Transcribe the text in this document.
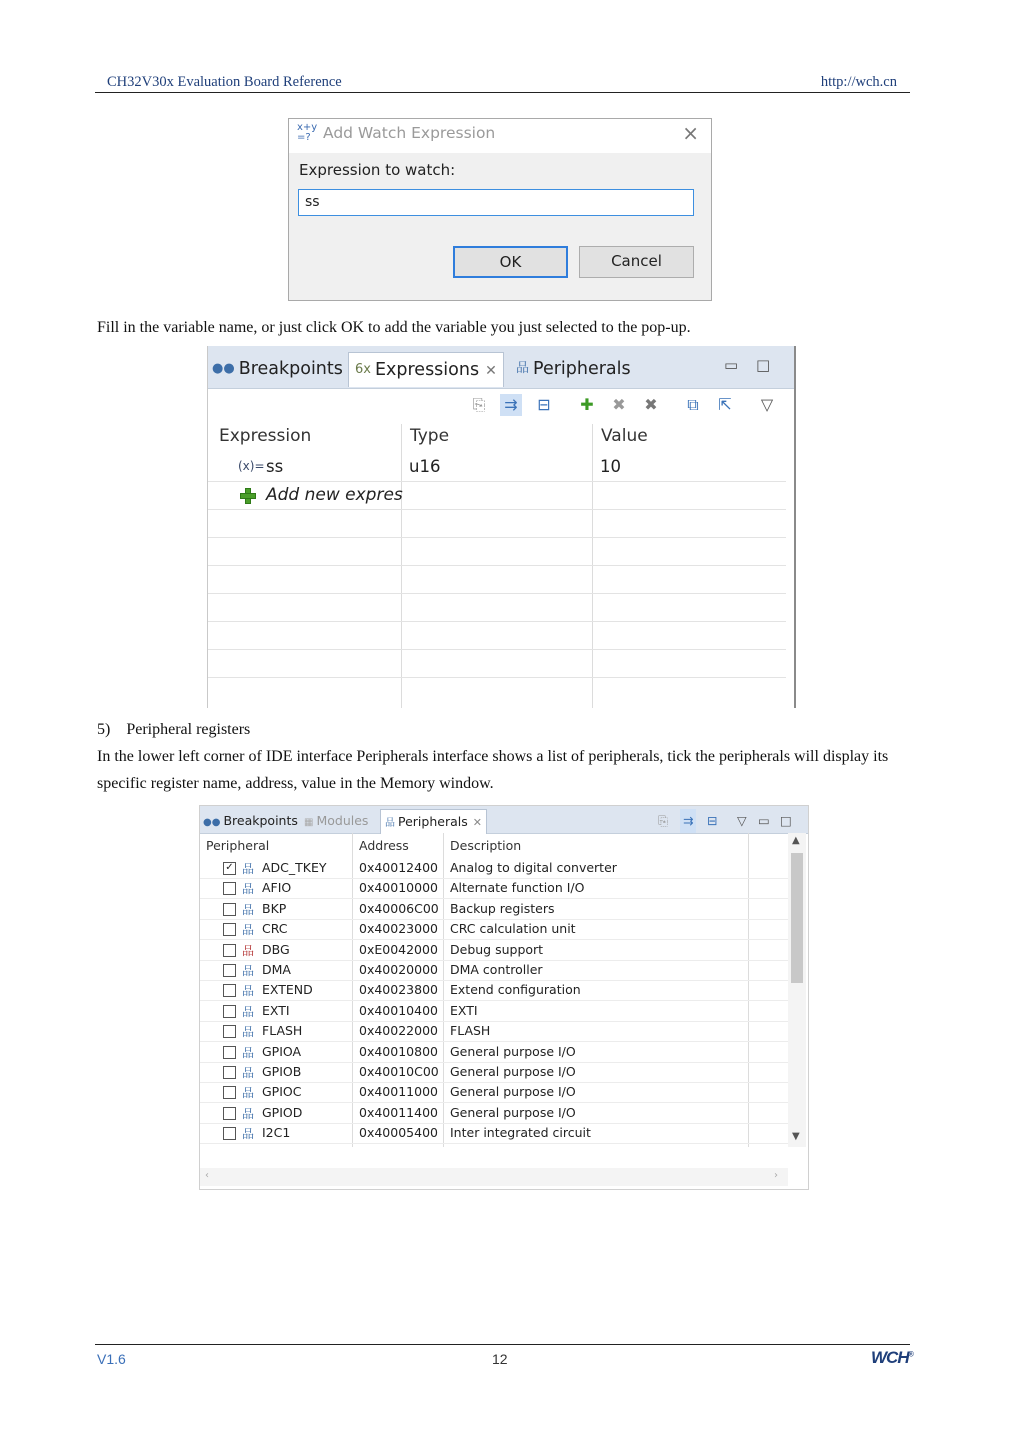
CH32V30x Evaluation Board Reference	http://wch.cn
x+y
=? Add Watch Expression	×
Expression to watch:
ss
OK	Cancel
Fill in the variable name, or just click OK to add the variable you just selected to the pop-up.
●● Breakpoints 6x Expressions ✕	品 Peripherals	▭ □
⎘ ⇉ ⊟ ✚ ✖ ✖	⧉	⇱	▽
Expression	Type	Value
(x)= ss	u16	10
Add new expres
5) Peripheral registers
In the lower left corner of IDE interface Peripherals interface shows a list of peripherals, tick the peripherals will display its specific register name, address, value in the Memory window.
●● Breakpoints ▦ Modules	品 Peripherals ✕	⎘ ⇉ ⊟ ▽ ▭ □
Peripheral	Address	Description
✓ 品 ADC_TKEY	0x40012400 Analog to digital converter
品 AFIO	0x40010000 Alternate function I/O
品 BKP	0x40006C00 Backup registers
品 CRC	0x40023000 CRC calculation unit
品 DBG	0xE0042000 Debug support
品 DMA	0x40020000 DMA controller
品 EXTEND	0x40023800 Extend configuration
品 EXTI	0x40010400 EXTI
品 FLASH	0x40022000 FLASH
品 GPIOA	0x40010800 General purpose I/O
品 GPIOB	0x40010C00 General purpose I/O
品 GPIOC	0x40011000 General purpose I/O
品 GPIOD	0x40011400 General purpose I/O
品 I2C1	0x40005400 Inter integrated circuit
▲
▼
‹	›
V1.6	12	WCH®
